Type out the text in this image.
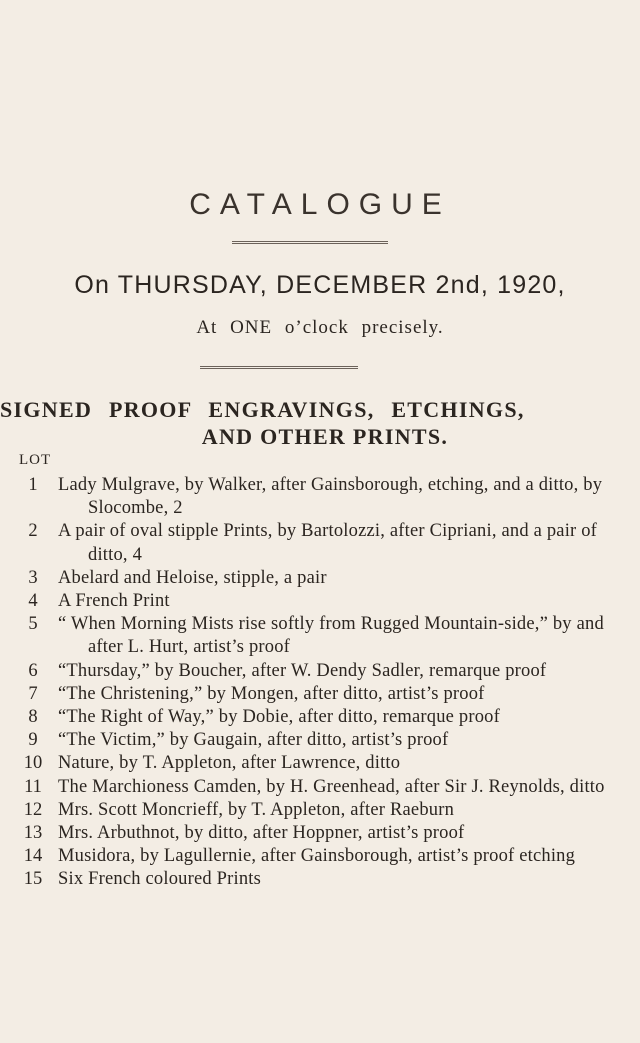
CATALOGUE
On THURSDAY, DECEMBER 2nd, 1920,
At ONE o’clock precisely.
SIGNED PROOF ENGRAVINGS, ETCHINGS,
AND OTHER PRINTS.
LOT
1	Lady Mulgrave, by Walker, after Gainsborough, etching, and a ditto, by Slocombe, 2
2	A pair of oval stipple Prints, by Bartolozzi, after Cipriani, and a pair of ditto, 4
3	Abelard and Heloise, stipple, a pair
4	A French Print
5	“ When Morning Mists rise softly from Rugged Mountain-side,” by and after L. Hurt, artist’s proof
6	“Thursday,” by Boucher, after W. Dendy Sadler, remarque proof
7	“The Christening,” by Mongen, after ditto, artist’s proof
8	“The Right of Way,” by Dobie, after ditto, remarque proof
9	“The Victim,” by Gaugain, after ditto, artist’s proof
10 Nature, by T. Appleton, after Lawrence, ditto
11 The Marchioness Camden, by H. Greenhead, after Sir J. Reynolds, ditto
12 Mrs. Scott Moncrieff, by T. Appleton, after Raeburn
13 Mrs. Arbuthnot, by ditto, after Hoppner, artist’s proof
14 Musidora, by Lagullernie, after Gainsborough, artist’s proof etching
15 Six French coloured Prints
